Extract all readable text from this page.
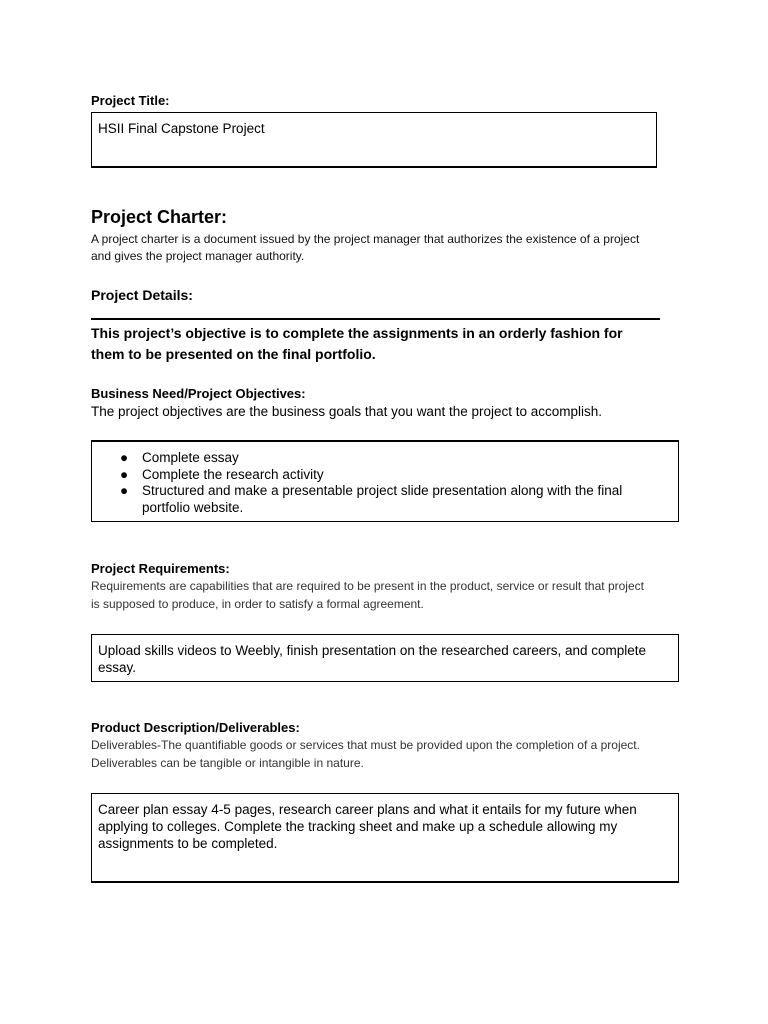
Project Title:
HSII Final Capstone Project
Project Charter:
A project charter is a document issued by the project manager that authorizes the existence of a project
and gives the project manager authority.
Project Details:
This project’s objective is to complete the assignments in an orderly fashion for
them to be presented on the final portfolio.
Business Need/Project Objectives:
The project objectives are the business goals that you want the project to accomplish.
● Complete essay
● Complete the research activity
● Structured and make a presentable project slide presentation along with the final portfolio website.
Project Requirements:
Requirements are capabilities that are required to be present in the product, service or result that project
is supposed to produce, in order to satisfy a formal agreement.
Upload skills videos to Weebly, finish presentation on the researched careers, and complete essay.
Product Description/Deliverables:
Deliverables-The quantifiable goods or services that must be provided upon the completion of a project.
Deliverables can be tangible or intangible in nature.
Career plan essay 4-5 pages, research career plans and what it entails for my future when applying to colleges. Complete the tracking sheet and make up a schedule allowing my assignments to be completed.
